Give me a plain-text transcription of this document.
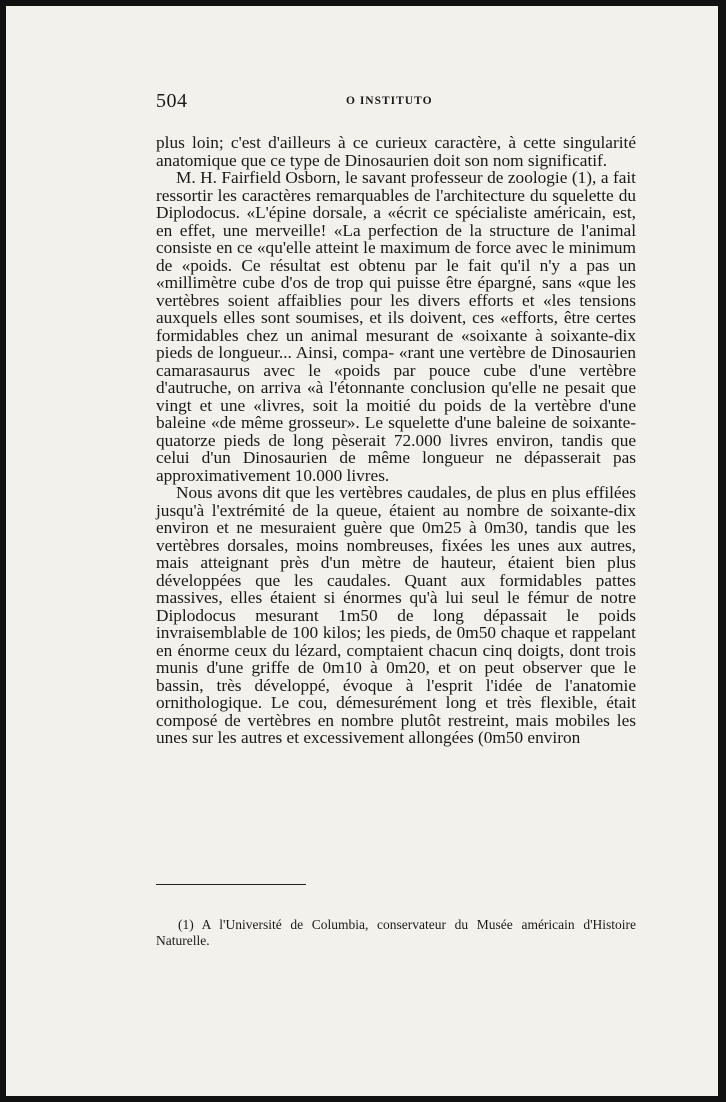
504	O INSTITUTO

plus loin; c'est d'ailleurs à ce curieux caractère, à cette singularité anatomique que ce type de Dinosaurien doit son nom significatif.

M. H. Fairfield Osborn, le savant professeur de zoologie (1), a fait ressortir les caractères remarquables de l'architecture du squelette du Diplodocus. «L'épine dorsale, a «écrit ce spécialiste américain, est, en effet, une merveille! «La perfection de la structure de l'animal consiste en ce «qu'elle atteint le maximum de force avec le minimum de «poids. Ce résultat est obtenu par le fait qu'il n'y a pas un «millimètre cube d'os de trop qui puisse être épargné, sans «que les vertèbres soient affaiblies pour les divers efforts et «les tensions auxquels elles sont soumises, et ils doivent, ces «efforts, être certes formidables chez un animal mesurant de «soixante à soixante-dix pieds de longueur... Ainsi, compa- «rant une vertèbre de Dinosaurien camarasaurus avec le «poids par pouce cube d'une vertèbre d'autruche, on arriva «à l'étonnante conclusion qu'elle ne pesait que vingt et une «livres, soit la moitié du poids de la vertèbre d'une baleine «de même grosseur». Le squelette d'une baleine de soixante-quatorze pieds de long pèserait 72.000 livres environ, tandis que celui d'un Dinosaurien de même longueur ne dépasserait pas approximativement 10.000 livres.

Nous avons dit que les vertèbres caudales, de plus en plus effilées jusqu'à l'extrémité de la queue, étaient au nombre de soixante-dix environ et ne mesuraient guère que 0m25 à 0m30, tandis que les vertèbres dorsales, moins nombreuses, fixées les unes aux autres, mais atteignant près d'un mètre de hauteur, étaient bien plus développées que les caudales. Quant aux formidables pattes massives, elles étaient si énormes qu'à lui seul le fémur de notre Diplodocus mesurant 1m50 de long dépassait le poids invraisemblable de 100 kilos; les pieds, de 0m50 chaque et rappelant en énorme ceux du lézard, comptaient chacun cinq doigts, dont trois munis d'une griffe de 0m10 à 0m20, et on peut observer que le bassin, très développé, évoque à l'esprit l'idée de l'anatomie ornithologique. Le cou, démesurément long et très flexible, était composé de vertèbres en nombre plutôt restreint, mais mobiles les unes sur les autres et excessivement allongées (0m50 environ

(1) A l'Université de Columbia, conservateur du Musée américain d'Histoire Naturelle.
